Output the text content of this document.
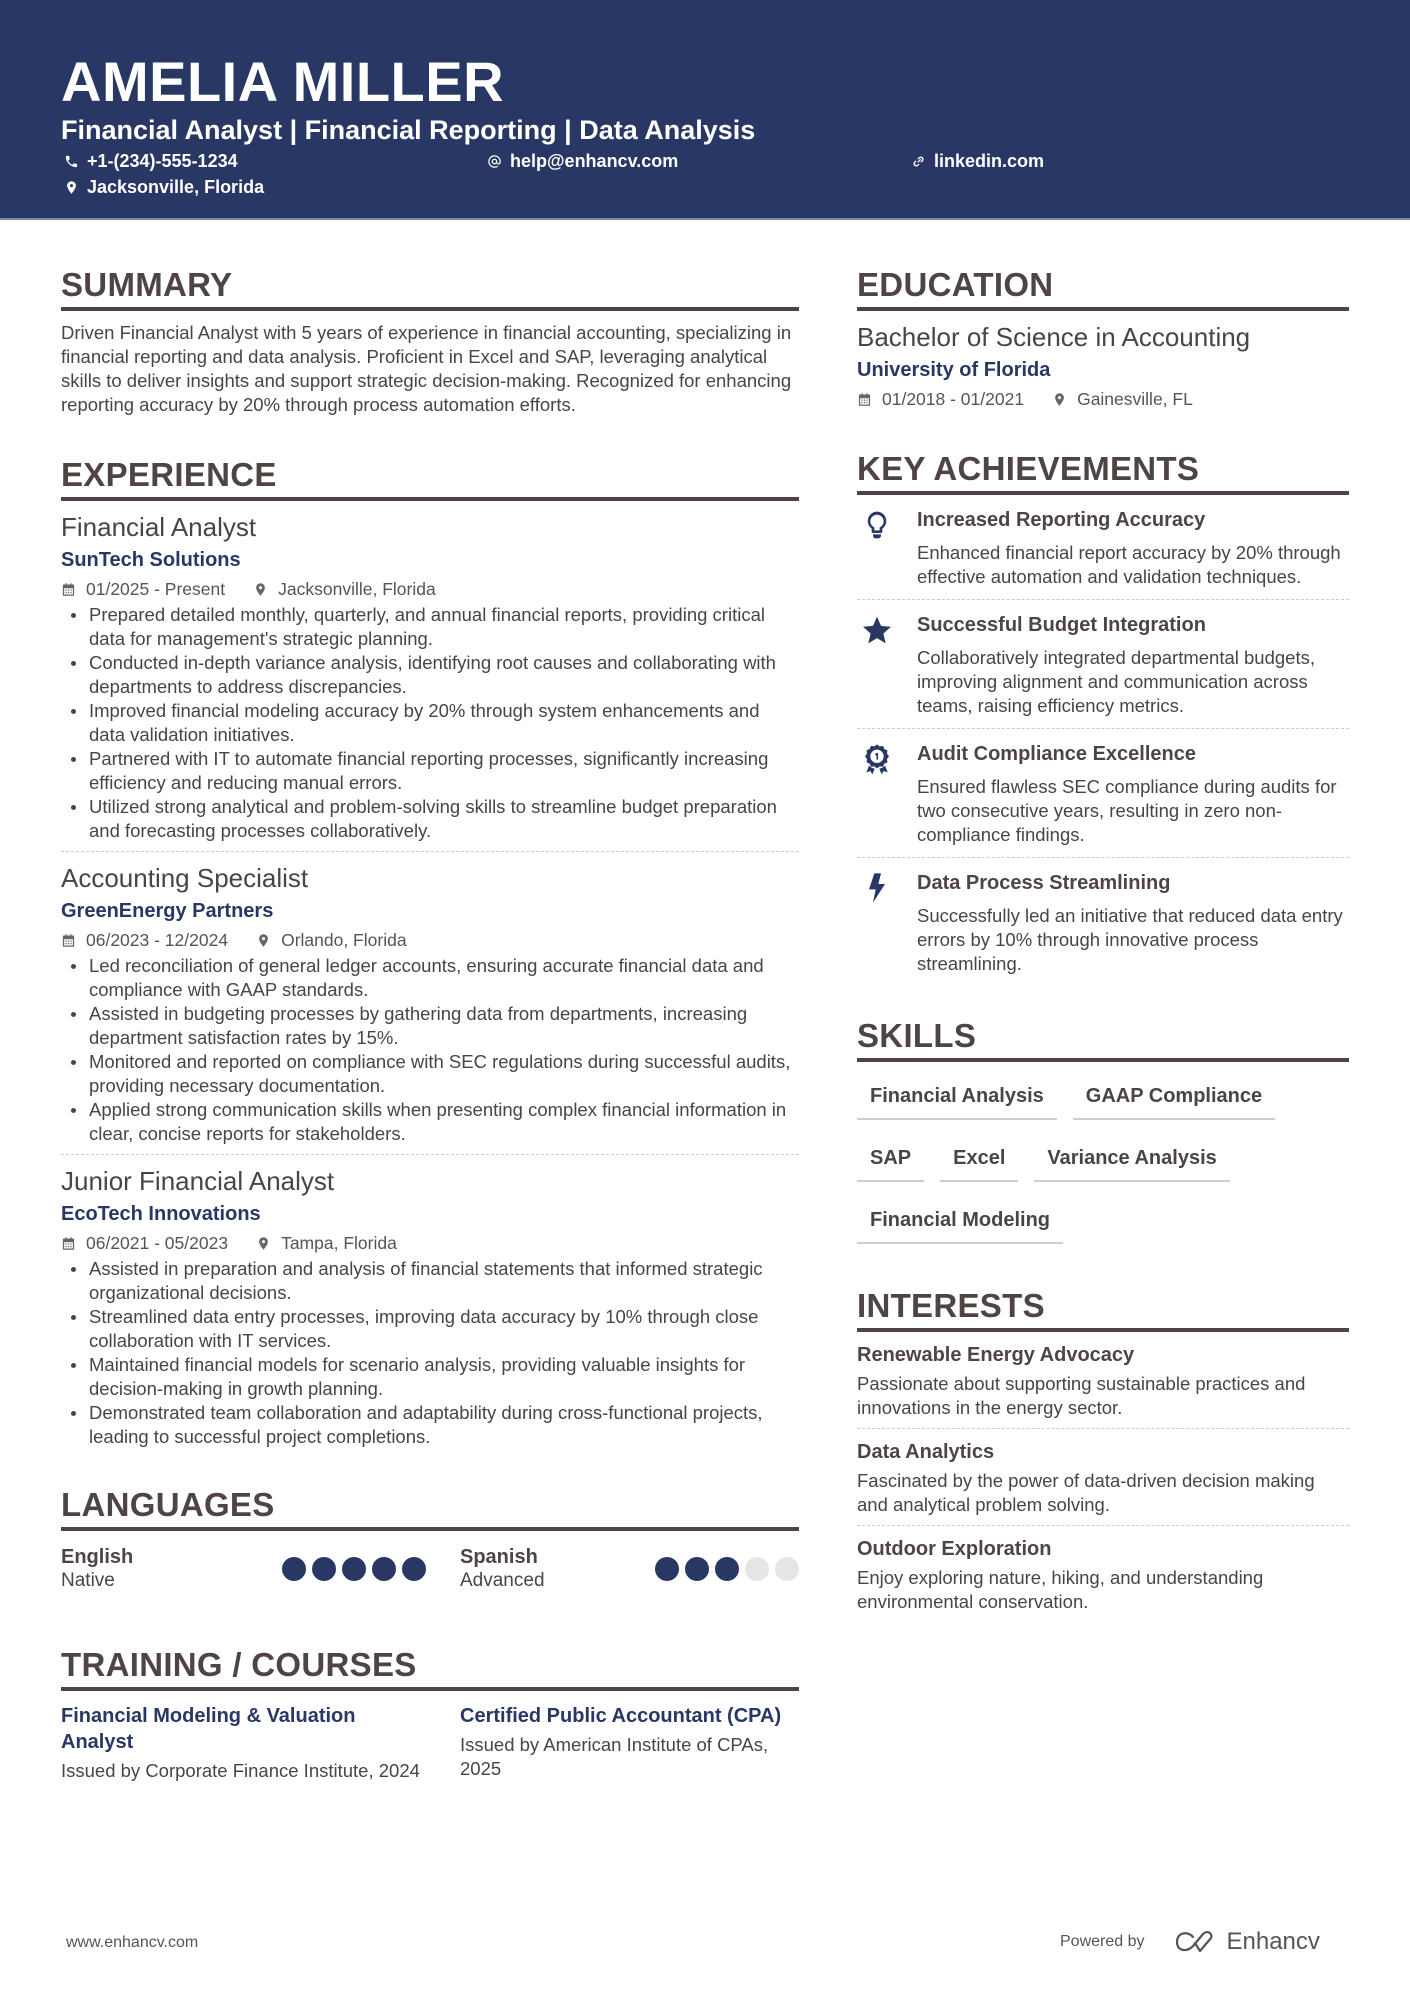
AMELIA MILLER
Financial Analyst | Financial Reporting | Data Analysis
+1-(234)-555-1234	help@enhancv.com	linkedin.com
Jacksonville, Florida
SUMMARY

Driven Financial Analyst with 5 years of experience in financial accounting, specializing in financial reporting and data analysis. Proficient in Excel and SAP, leveraging analytical skills to deliver insights and support strategic decision-making. Recognized for enhancing reporting accuracy by 20% through process automation efforts.

EXPERIENCE
Financial Analyst
SunTech Solutions
01/2025 - Present	Jacksonville, Florida
Prepared detailed monthly, quarterly, and annual financial reports, providing critical data for management's strategic planning.
Conducted in-depth variance analysis, identifying root causes and collaborating with departments to address discrepancies.
Improved financial modeling accuracy by 20% through system enhancements and data validation initiatives.
Partnered with IT to automate financial reporting processes, significantly increasing efficiency and reducing manual errors.
Utilized strong analytical and problem-solving skills to streamline budget preparation and forecasting processes collaboratively.
Accounting Specialist
GreenEnergy Partners
06/2023 - 12/2024	Orlando, Florida
Led reconciliation of general ledger accounts, ensuring accurate financial data and compliance with GAAP standards.
Assisted in budgeting processes by gathering data from departments, increasing department satisfaction rates by 15%.
Monitored and reported on compliance with SEC regulations during successful audits, providing necessary documentation.
Applied strong communication skills when presenting complex financial information in clear, concise reports for stakeholders.
Junior Financial Analyst
EcoTech Innovations
06/2021 - 05/2023	Tampa, Florida
Assisted in preparation and analysis of financial statements that informed strategic organizational decisions.
Streamlined data entry processes, improving data accuracy by 10% through close collaboration with IT services.
Maintained financial models for scenario analysis, providing valuable insights for decision-making in growth planning.
Demonstrated team collaboration and adaptability during cross-functional projects, leading to successful project completions.
LANGUAGES
English
Native
Spanish
Advanced
TRAINING / COURSES
Financial Modeling & Valuation Analyst
Issued by Corporate Finance Institute, 2024
Certified Public Accountant (CPA)
Issued by American Institute of CPAs, 2025
EDUCATION
Bachelor of Science in Accounting
University of Florida
01/2018 - 01/2021	Gainesville, FL
KEY ACHIEVEMENTS
Increased Reporting Accuracy
Enhanced financial report accuracy by 20% through effective automation and validation techniques.
Successful Budget Integration
Collaboratively integrated departmental budgets, improving alignment and communication across teams, raising efficiency metrics.
Audit Compliance Excellence
Ensured flawless SEC compliance during audits for two consecutive years, resulting in zero non-compliance findings.
Data Process Streamlining
Successfully led an initiative that reduced data entry errors by 10% through innovative process streamlining.
SKILLS
Financial Analysis	GAAP Compliance
SAP	Excel	Variance Analysis
Financial Modeling
INTERESTS
Renewable Energy Advocacy
Passionate about supporting sustainable practices and innovations in the energy sector.
Data Analytics
Fascinated by the power of data-driven decision making and analytical problem solving.
Outdoor Exploration
Enjoy exploring nature, hiking, and understanding environmental conservation.
www.enhancv.com	Powered by	Enhancv
